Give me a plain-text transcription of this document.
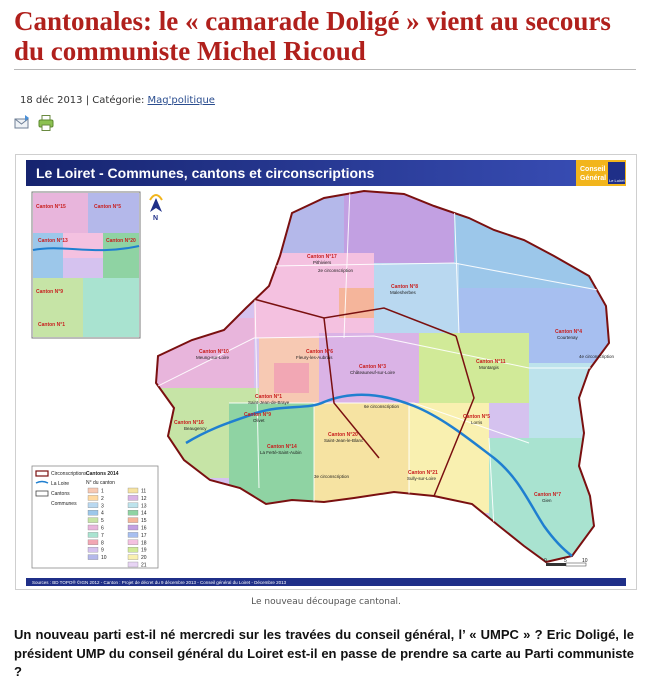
Cantonales: le « camarade Doligé » vient au secours du communiste Michel Ricoud
18 déc 2013 | Catégorie: Mag'politique
Le Loiret - Communes, cantons et circonscriptions	Conseil
Général Le Loiret
N
Canton N°15	Canton N°5
Canton N°13	Canton N°20
Canton N°9
Canton N°1
Canton N°17
Pithiviers
Canton N°8
Malesherbes
Canton N°4
Courtenay
Canton N°10
Meung-sur-Loire
Canton N°6
Fleury-les-Aubrais
Canton N°3
Châteauneuf-sur-Loire
Canton N°11
Montargis
Canton N°1
Saint-Jean-de-Braye
Canton N°9
Olivet
Canton N°20
Saint-Jean-le-Blanc
Canton N°21
Sully-sur-Loire
Canton N°5
Lorris
Canton N°7
Gien
Canton N°14
La Ferté-Saint-Aubin
Canton N°16
Beaugency
2e circonscription
3e circonscription
4e circonscription
6e circonscription
Circonscriptions
La Loire
Cantons
Communes
Cantons 2014
N° du canton
1
2
3
4
5
6
7
8
9
10
11
12
13
14
15
16
17
18
19
20
21
0	5	10
Sources : BD TOPO® ©IGN 2012 - Canton : Projet de décret du 9 décembre 2013 - Conseil général du Loiret - Décembre 2013
Le nouveau découpage cantonal.

Un nouveau parti est-il né mercredi sur les travées du conseil général, l’ « UMPC » ? Eric Doligé, le président UMP du conseil général du Loiret est-il en passe de prendre sa carte au Parti communiste ?
